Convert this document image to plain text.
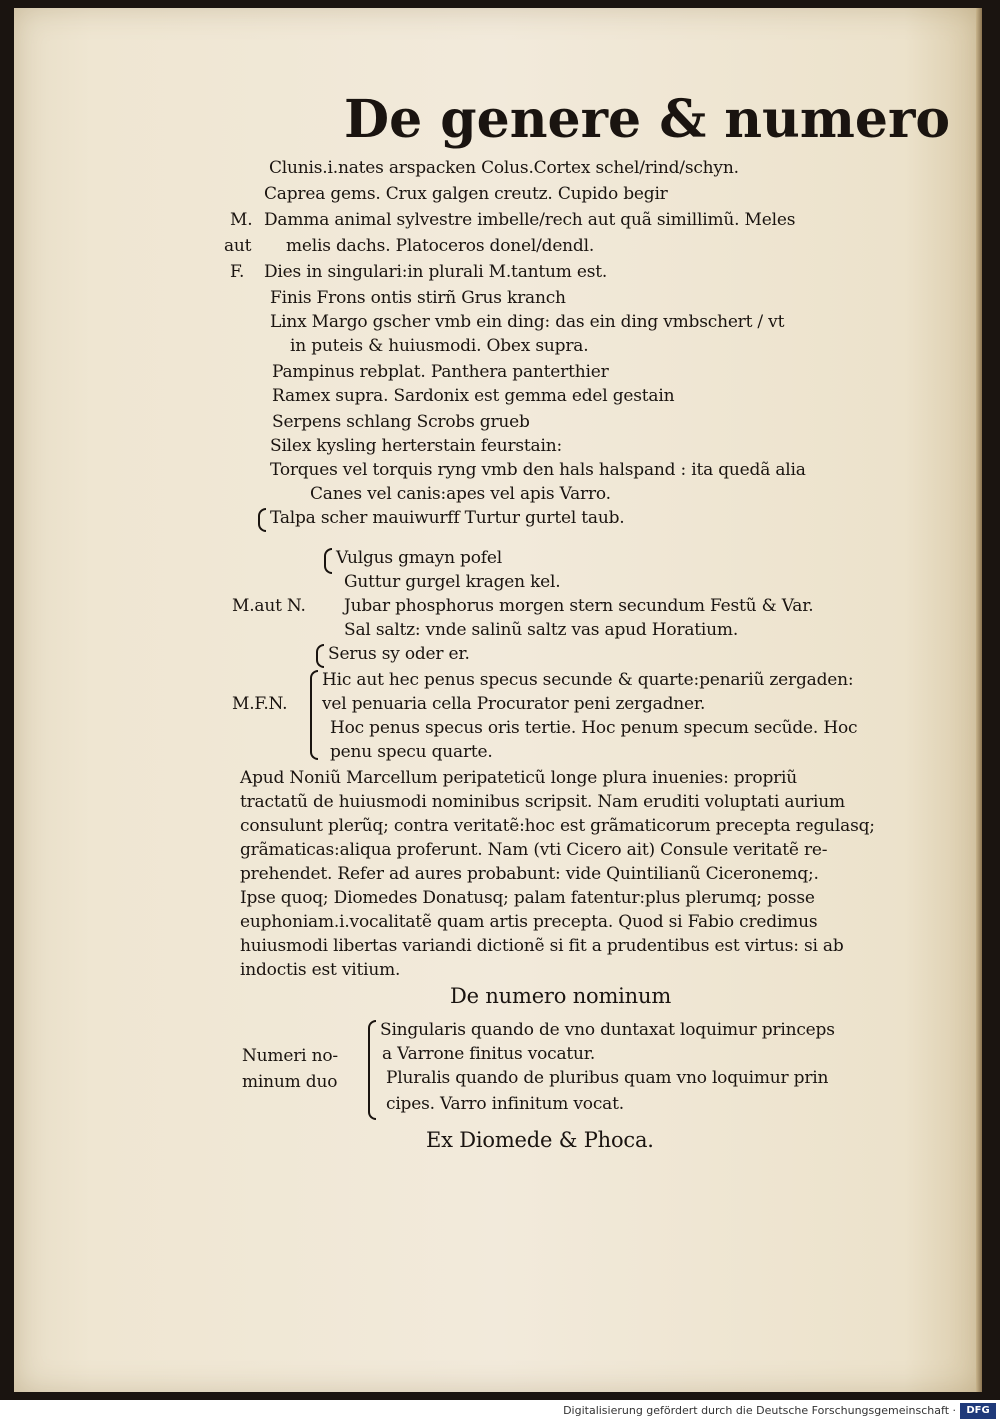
De genere & numero
Clunis.i.nates arspacken Colus.Cortex schel/rind/schyn.
Caprea gems. Crux galgen creutz. Cupido begir
M. Damma animal sylvestre imbelle/rech aut quã simillimũ. Meles
aut melis dachs. Platoceros donel/dendl.
F. Dies in singulari:in plurali M.tantum est.
Finis Frons ontis stirñ Grus kranch
Linx Margo gscher vmb ein ding: das ein ding vmbschert / vt
in puteis & huiusmodi. Obex supra.
Pampinus rebplat. Panthera panterthier
Ramex supra. Sardonix est gemma edel gestain
Serpens schlang Scrobs grueb
Silex kysling herterstain feurstain:
Torques vel torquis ryng vmb den hals halspand : ita quedã alia
Canes vel canis:apes vel apis Varro.
Talpa scher mauiwurff Turtur gurtel taub.
Vulgus gmayn pofel
Guttur gurgel kragen kel.
M.aut N. Jubar phosphorus morgen stern secundum Festũ & Var.
Sal saltz: vnde salinũ saltz vas apud Horatium.
Serus sy oder er.
Hic aut hec penus specus secunde & quarte:penariũ zergaden:
M.F.N. vel penuaria cella Procurator peni zergadner.
Hoc penus specus oris tertie. Hoc penum specum secũde. Hoc
penu specu quarte.
Apud Noniũ Marcellum peripateticũ longe plura inuenies: propriũ
tractatũ de huiusmodi nominibus scripsit. Nam eruditi voluptati aurium
consulunt plerũq; contra veritatẽ:hoc est grãmaticorum precepta regulasq;
grãmaticas:aliqua proferunt. Nam (vti Cicero ait) Consule veritatẽ re-
prehendet. Refer ad aures probabunt: vide Quintilianũ Ciceronemq;.
Ipse quoq; Diomedes Donatusq; palam fatentur:plus plerumq; posse
euphoniam.i.vocalitatẽ quam artis precepta. Quod si Fabio credimus
huiusmodi libertas variandi dictionẽ si fit a prudentibus est virtus: si ab
indoctis est vitium.
De numero nominum
Singularis quando de vno duntaxat loquimur princeps
Numeri no-	a Varrone finitus vocatur.
minum duo	Pluralis quando de pluribus quam vno loquimur prin
cipes. Varro infinitum vocat.
Ex Diomede & Phoca.
Digitalisierung gefördert durch die Deutsche Forschungsgemeinschaft ·	DFG
